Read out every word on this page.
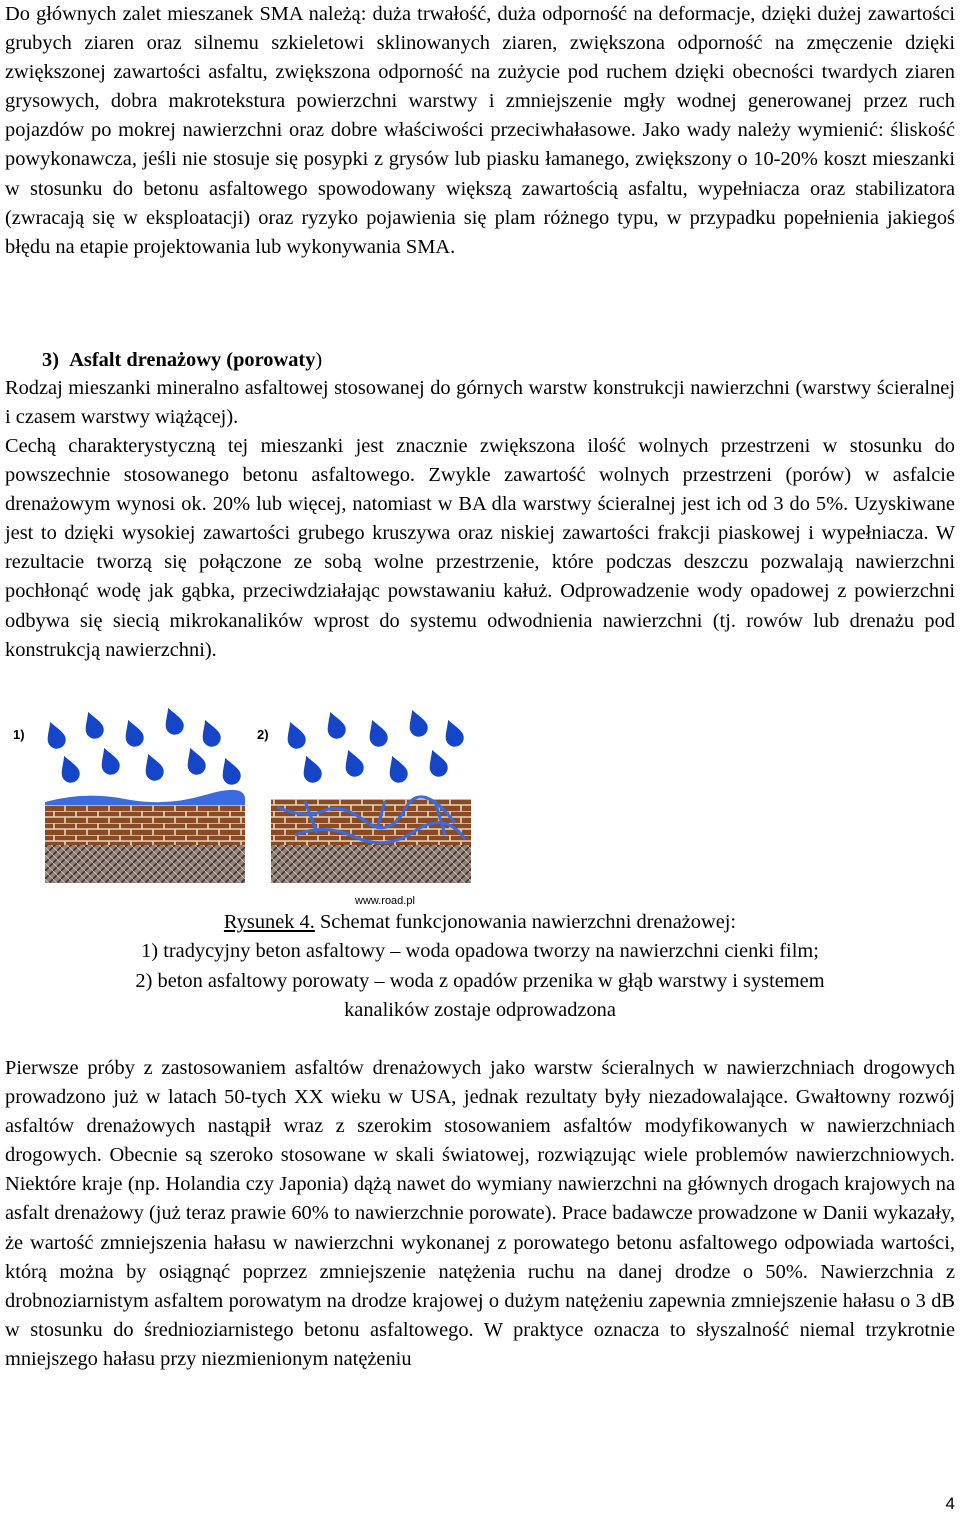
Do głównych zalet mieszanek SMA należą: duża trwałość, duża odporność na deformacje, dzięki dużej zawartości grubych ziaren oraz silnemu szkieletowi sklinowanych ziaren, zwiększona odporność na zmęczenie dzięki zwiększonej zawartości asfaltu, zwiększona odporność na zużycie pod ruchem dzięki obecności twardych ziaren grysowych, dobra makrotekstura powierzchni warstwy i zmniejszenie mgły wodnej generowanej przez ruch pojazdów po mokrej nawierzchni oraz dobre właściwości przeciwhałasowe. Jako wady należy wymienić: śliskość powykonawcza, jeśli nie stosuje się posypki z grysów lub piasku łamanego, zwiększony o 10-20% koszt mieszanki w stosunku do betonu asfaltowego spowodowany większą zawartością asfaltu, wypełniacza oraz stabilizatora (zwracają się w eksploatacji) oraz ryzyko pojawienia się plam różnego typu, w przypadku popełnienia jakiegoś błędu na etapie projektowania lub wykonywania SMA.

3) Asfalt drenażowy (porowaty)

Rodzaj mieszanki mineralno asfaltowej stosowanej do górnych warstw konstrukcji nawierzchni (warstwy ścieralnej i czasem warstwy wiążącej).

Cechą charakterystyczną tej mieszanki jest znacznie zwiększona ilość wolnych przestrzeni w stosunku do powszechnie stosowanego betonu asfaltowego. Zwykle zawartość wolnych przestrzeni (porów) w asfalcie drenażowym wynosi ok. 20% lub więcej, natomiast w BA dla warstwy ścieralnej jest ich od 3 do 5%. Uzyskiwane jest to dzięki wysokiej zawartości grubego kruszywa oraz niskiej zawartości frakcji piaskowej i wypełniacza. W rezultacie tworzą się połączone ze sobą wolne przestrzenie, które podczas deszczu pozwalają nawierzchni pochłonąć wodę jak gąbka, przeciwdziałając powstawaniu kałuż. Odprowadzenie wody opadowej z powierzchni odbywa się siecią mikrokanalików wprost do systemu odwodnienia nawierzchni (tj. rowów lub drenażu pod konstrukcją nawierzchni).

1)	2)
www.road.pl
Rysunek 4. Schemat funkcjonowania nawierzchni drenażowej:
1) tradycyjny beton asfaltowy – woda opadowa tworzy na nawierzchni cienki film;
2) beton asfaltowy porowaty – woda z opadów przenika w głąb warstwy i systemem
kanalików zostaje odprowadzona

Pierwsze próby z zastosowaniem asfaltów drenażowych jako warstw ścieralnych w nawierzchniach drogowych prowadzono już w latach 50-tych XX wieku w USA, jednak rezultaty były niezadowalające. Gwałtowny rozwój asfaltów drenażowych nastąpił wraz z szerokim stosowaniem asfaltów modyfikowanych w nawierzchniach drogowych. Obecnie są szeroko stosowane w skali światowej, rozwiązując wiele problemów nawierzchniowych. Niektóre kraje (np. Holandia czy Japonia) dążą nawet do wymiany nawierzchni na głównych drogach krajowych na asfalt drenażowy (już teraz prawie 60% to nawierzchnie porowate). Prace badawcze prowadzone w Danii wykazały, że wartość zmniejszenia hałasu w nawierzchni wykonanej z porowatego betonu asfaltowego odpowiada wartości, którą można by osiągnąć poprzez zmniejszenie natężenia ruchu na danej drodze o 50%. Nawierzchnia z drobnoziarnistym asfaltem porowatym na drodze krajowej o dużym natężeniu zapewnia zmniejszenie hałasu o 3 dB w stosunku do średnioziarnistego betonu asfaltowego. W praktyce oznacza to słyszalność niemal trzykrotnie mniejszego hałasu przy niezmienionym natężeniu

4
